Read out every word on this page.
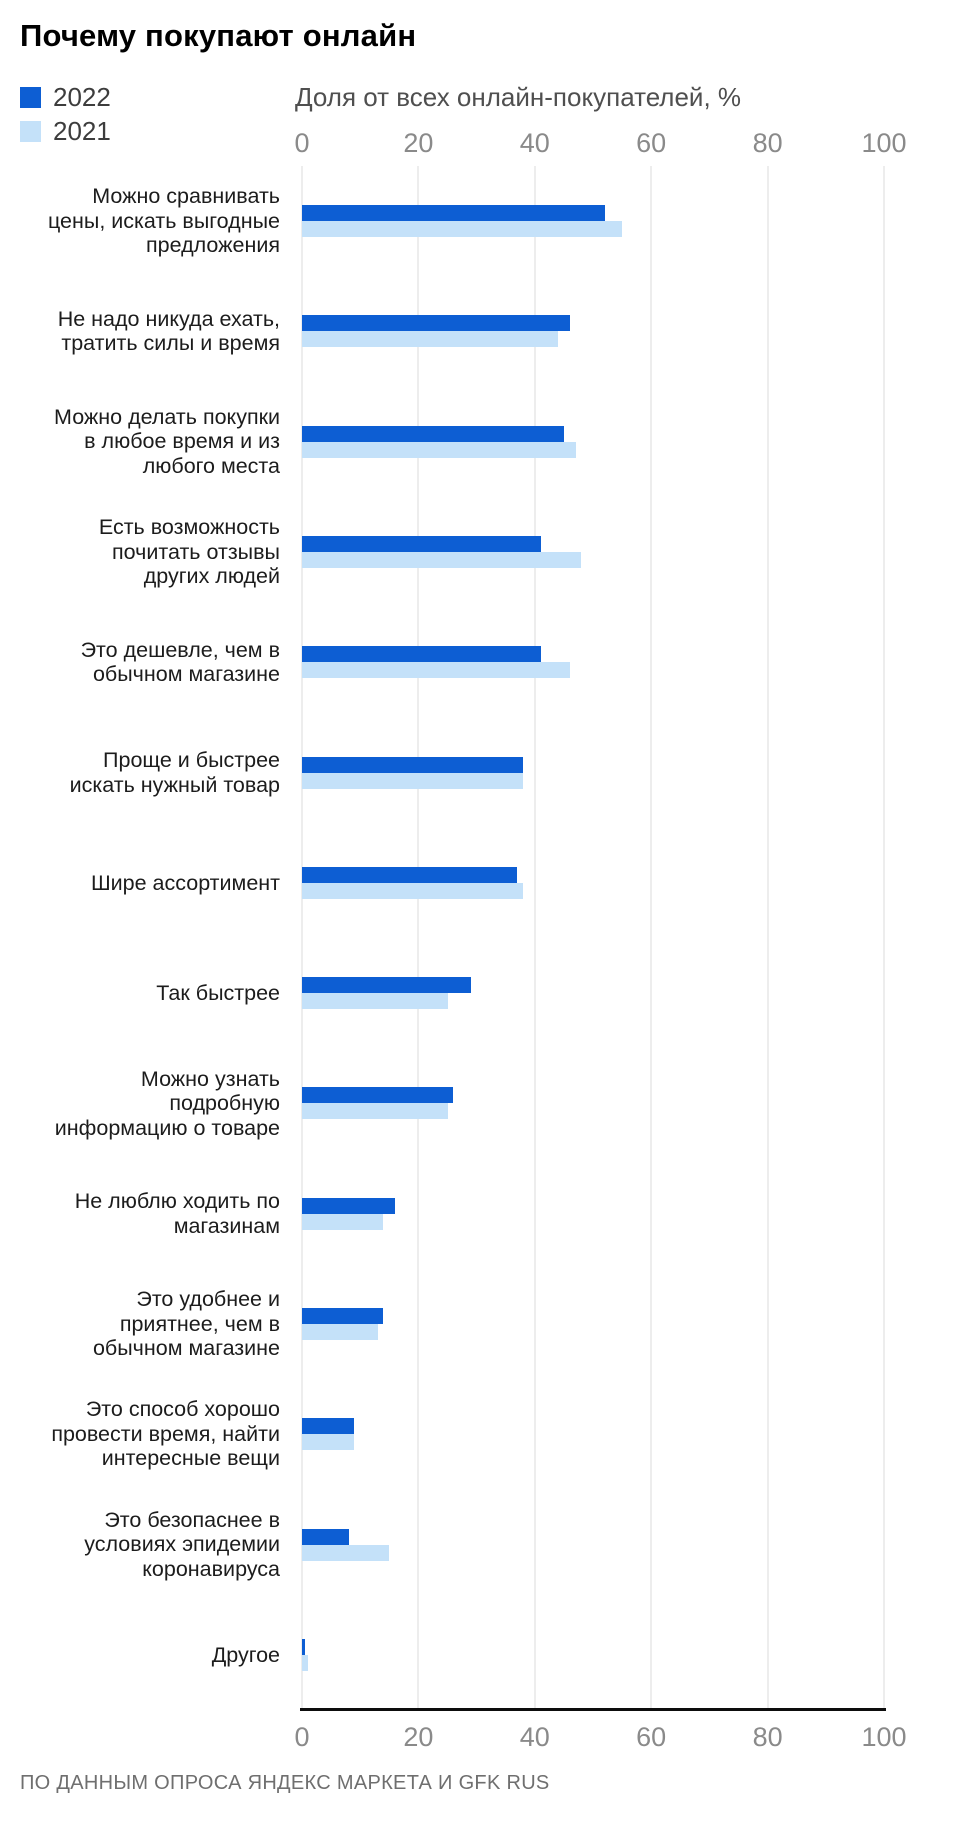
Почему покупают онлайн
2022
2021
Доля от всех онлайн-покупателей, %
0	20	40	60	80	100
Можно сравнивать цены, искать выгодные предложения
Не надо никуда ехать, тратить силы и время
Можно делать покупки в любое время и из любого места
Есть возможность почитать отзывы других людей
Это дешевле, чем в обычном магазине
Проще и быстрее искать нужный товар
Шире ассортимент
Так быстрее
Можно узнать подробную информацию о товаре
Не люблю ходить по магазинам
Это удобнее и приятнее, чем в обычном магазине
Это способ хорошо провести время, найти интересные вещи
Это безопаснее в условиях эпидемии коронавируса
Другое
0	20	40	60	80	100
ПО ДАННЫМ ОПРОСА ЯНДЕКС МАРКЕТА И GFK RUS
